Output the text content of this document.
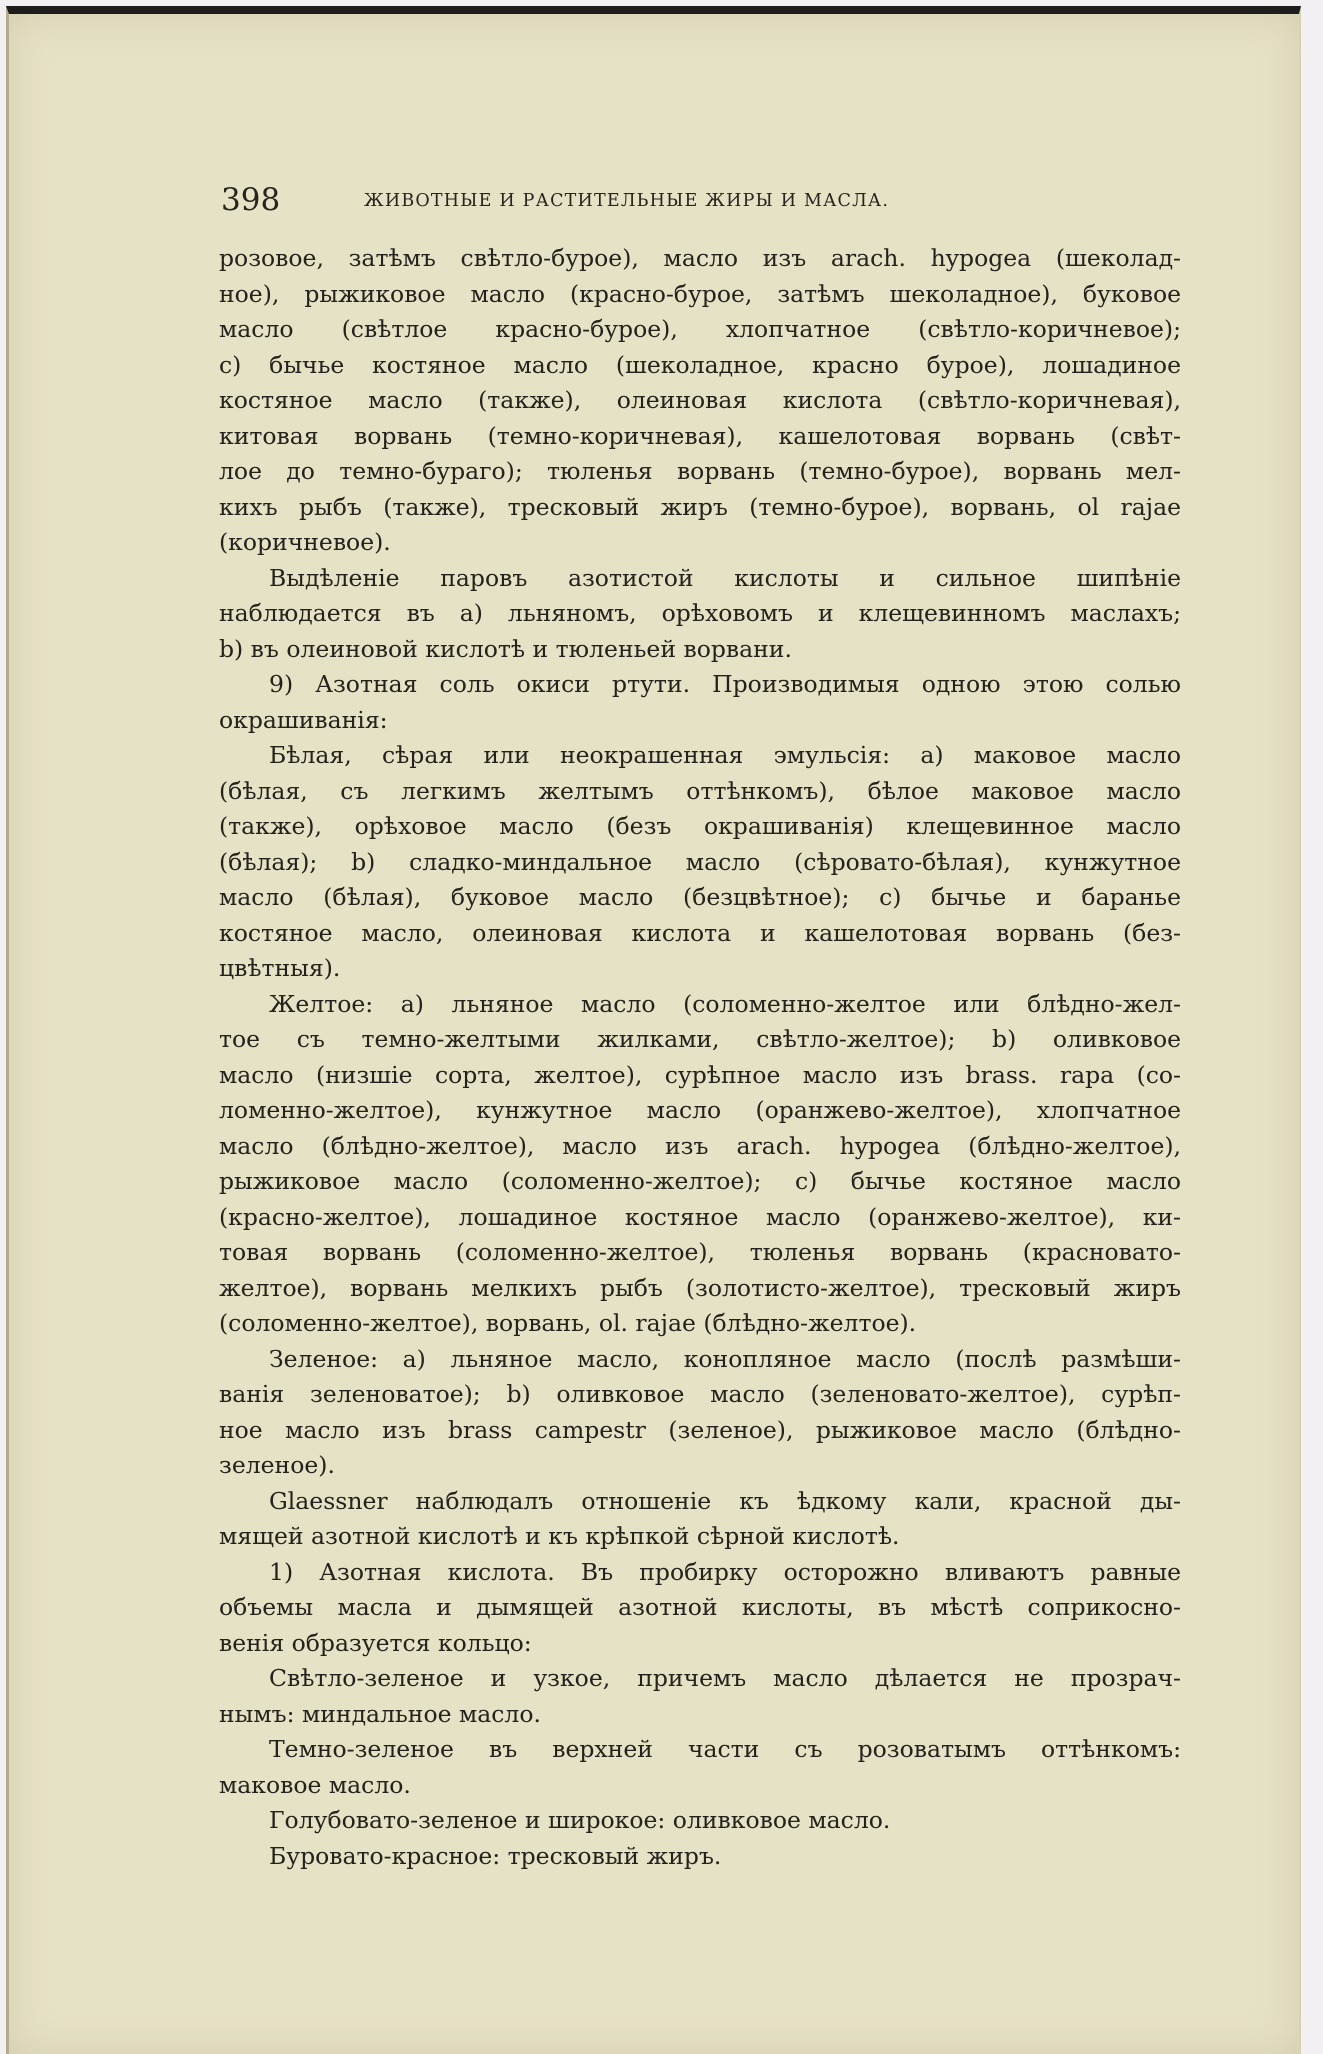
398	ЖИВОТНЫЕ И РАСТИТЕЛЬНЫЕ ЖИРЫ И МАСЛА.
розовое, затѣмъ свѣтло-бурое), масло изъ arach. hypogea (шеколад-
ное), рыжиковое масло (красно-бурое, затѣмъ шеколадное), буковое
масло (свѣтлое красно-бурое), хлопчатное (свѣтло-коричневое);
c) бычье костяное масло (шеколадное, красно бурое), лошадиное
костяное масло (также), олеиновая кислота (свѣтло-коричневая),
китовая ворвань (темно-коричневая), кашелотовая ворвань (свѣт-
лое до темно-бураго); тюленья ворвань (темно-бурое), ворвань мел-
кихъ рыбъ (также), тресковый жиръ (темно-бурое), ворвань, ol rajae
(коричневое).
Выдѣленіе паровъ азотистой кислоты и сильное шипѣніе
наблюдается въ a) льняномъ, орѣховомъ и клещевинномъ маслахъ;
b) въ олеиновой кислотѣ и тюленьей ворвани.
9) Азотная соль окиси ртути. Производимыя одною этою солью
окрашиванія:
Бѣлая, сѣрая или неокрашенная эмульсія: a) маковое масло
(бѣлая, съ легкимъ желтымъ оттѣнкомъ), бѣлое маковое масло
(также), орѣховое масло (безъ окрашиванія) клещевинное масло
(бѣлая); b) сладко-миндальное масло (сѣровато-бѣлая), кунжутное
масло (бѣлая), буковое масло (безцвѣтное); c) бычье и баранье
костяное масло, олеиновая кислота и кашелотовая ворвань (без-
цвѣтныя).
Желтое: a) льняное масло (соломенно-желтое или блѣдно-жел-
тое съ темно-желтыми жилками, свѣтло-желтое); b) оливковое
масло (низшіе сорта, желтое), сурѣпное масло изъ brass. rapa (со-
ломенно-желтое), кунжутное масло (оранжево-желтое), хлопчатное
масло (блѣдно-желтое), масло изъ arach. hypogea (блѣдно-желтое),
рыжиковое масло (соломенно-желтое); c) бычье костяное масло
(красно-желтое), лошадиное костяное масло (оранжево-желтое), ки-
товая ворвань (соломенно-желтое), тюленья ворвань (красновато-
желтое), ворвань мелкихъ рыбъ (золотисто-желтое), тресковый жиръ
(соломенно-желтое), ворвань, ol. rajae (блѣдно-желтое).
Зеленое: a) льняное масло, конопляное масло (послѣ размѣши-
ванія зеленоватое); b) оливковое масло (зеленовато-желтое), сурѣп-
ное масло изъ brass campestr (зеленое), рыжиковое масло (блѣдно-
зеленое).
Glaessner наблюдалъ отношеніе къ ѣдкому кали, красной ды-
мящей азотной кислотѣ и къ крѣпкой сѣрной кислотѣ.
1) Азотная кислота. Въ пробирку осторожно вливаютъ равные
объемы масла и дымящей азотной кислоты, въ мѣстѣ соприкосно-
венія образуется кольцо:
Свѣтло-зеленое и узкое, причемъ масло дѣлается не прозрач-
нымъ: миндальное масло.
Темно-зеленое въ верхней части съ розоватымъ оттѣнкомъ:
маковое масло.
Голубовато-зеленое и широкое: оливковое масло.
Буровато-красное: тресковый жиръ.
